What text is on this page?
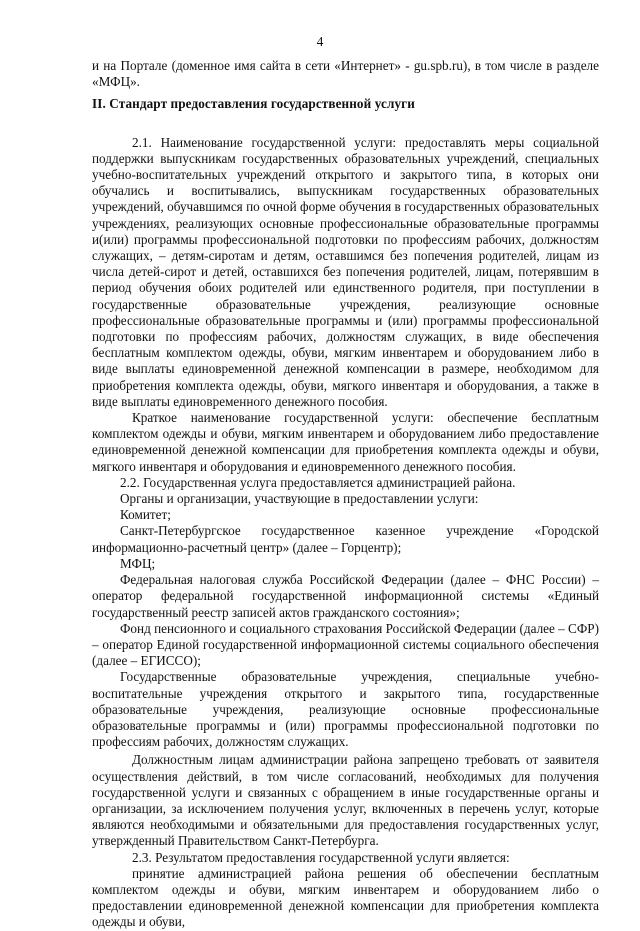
4

и на Портале (доменное имя сайта в сети «Интернет» - gu.spb.ru), в том числе в разделе «МФЦ».

II. Стандарт предоставления государственной услуги

2.1. Наименование государственной услуги: предоставлять меры социальной поддержки выпускникам государственных образовательных учреждений, специальных учебно-воспитательных учреждений открытого и закрытого типа, в которых они обучались и воспитывались, выпускникам государственных образовательных учреждений, обучавшимся по очной форме обучения в государственных образовательных учреждениях, реализующих основные профессиональные образовательные программы и(или) программы профессиональной подготовки по профессиям рабочих, должностям служащих, – детям-сиротам и детям, оставшимся без попечения родителей, лицам из числа детей-сирот и детей, оставшихся без попечения родителей, лицам, потерявшим в период обучения обоих родителей или единственного родителя, при поступлении в государственные образовательные учреждения, реализующие основные профессиональные образовательные программы и (или) программы профессиональной подготовки по профессиям рабочих, должностям служащих, в виде обеспечения бесплатным комплектом одежды, обуви, мягким инвентарем и оборудованием либо в виде выплаты единовременной денежной компенсации в размере, необходимом для приобретения комплекта одежды, обуви, мягкого инвентаря и оборудования, а также в виде выплаты единовременного денежного пособия.

Краткое наименование государственной услуги: обеспечение бесплатным комплектом одежды и обуви, мягким инвентарем и оборудованием либо предоставление единовременной денежной компенсации для приобретения комплекта одежды и обуви, мягкого инвентаря и оборудования и единовременного денежного пособия.

2.2. Государственная услуга предоставляется администрацией района.

Органы и организации, участвующие в предоставлении услуги:

Комитет;

Санкт-Петербургское государственное казенное учреждение «Городской информационно-расчетный центр» (далее – Горцентр);

МФЦ;

Федеральная налоговая служба Российской Федерации (далее – ФНС России) – оператор федеральной государственной информационной системы «Единый государственный реестр записей актов гражданского состояния»;

Фонд пенсионного и социального страхования Российской Федерации (далее – СФР) – оператор Единой государственной информационной системы социального обеспечения (далее – ЕГИССО);

Государственные образовательные учреждения, специальные учебно-воспитательные учреждения открытого и закрытого типа, государственные образовательные учреждения, реализующие основные профессиональные образовательные программы и (или) программы профессиональной подготовки по профессиям рабочих, должностям служащих.

Должностным лицам администрации района запрещено требовать от заявителя осуществления действий, в том числе согласований, необходимых для получения государственной услуги и связанных с обращением в иные государственные органы и организации, за исключением получения услуг, включенных в перечень услуг, которые являются необходимыми и обязательными для предоставления государственных услуг, утвержденный Правительством Санкт-Петербурга.

2.3. Результатом предоставления государственной услуги является:

принятие администрацией района решения об обеспечении бесплатным комплектом одежды и обуви, мягким инвентарем и оборудованием либо о предоставлении единовременной денежной компенсации для приобретения комплекта одежды и обуви,
